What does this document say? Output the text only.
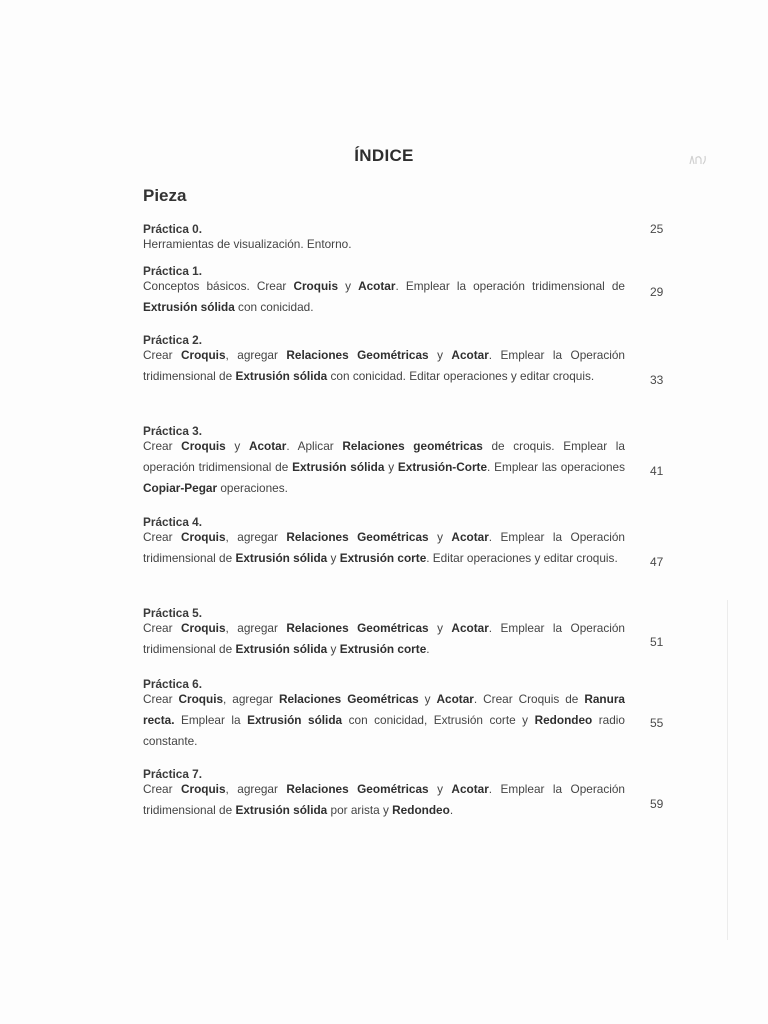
ÍNDICE
Pieza
Práctica 0.
Herramientas de visualización. Entorno.
25
Práctica 1.
Conceptos básicos. Crear Croquis y Acotar. Emplear la operación tridimensional de Extrusión sólida con conicidad.
29
Práctica 2.
Crear Croquis, agregar Relaciones Geométricas y Acotar. Emplear la Operación tridimensional de Extrusión sólida con conicidad. Editar operaciones y editar croquis.	33
Práctica 3.
Crear Croquis y Acotar. Aplicar Relaciones geométricas de croquis. Emplear la operación tridimensional de Extrusión sólida y Extrusión-Corte. Emplear las operaciones Copiar-Pegar operaciones.
41
Práctica 4.
Crear Croquis, agregar Relaciones Geométricas y Acotar. Emplear la Operación tridimensional de Extrusión sólida y Extrusión corte. Editar operaciones y editar croquis.	47
Práctica 5.
Crear Croquis, agregar Relaciones Geométricas y Acotar. Emplear la Operación tridimensional de Extrusión sólida y Extrusión corte.	51
Práctica 6.
Crear Croquis, agregar Relaciones Geométricas y Acotar. Crear Croquis de Ranura recta. Emplear la Extrusión sólida con conicidad, Extrusión corte y Redondeo radio constante.
55
Práctica 7.
Crear Croquis, agregar Relaciones Geométricas y Acotar. Emplear la Operación tridimensional de Extrusión sólida por arista y Redondeo.	59
